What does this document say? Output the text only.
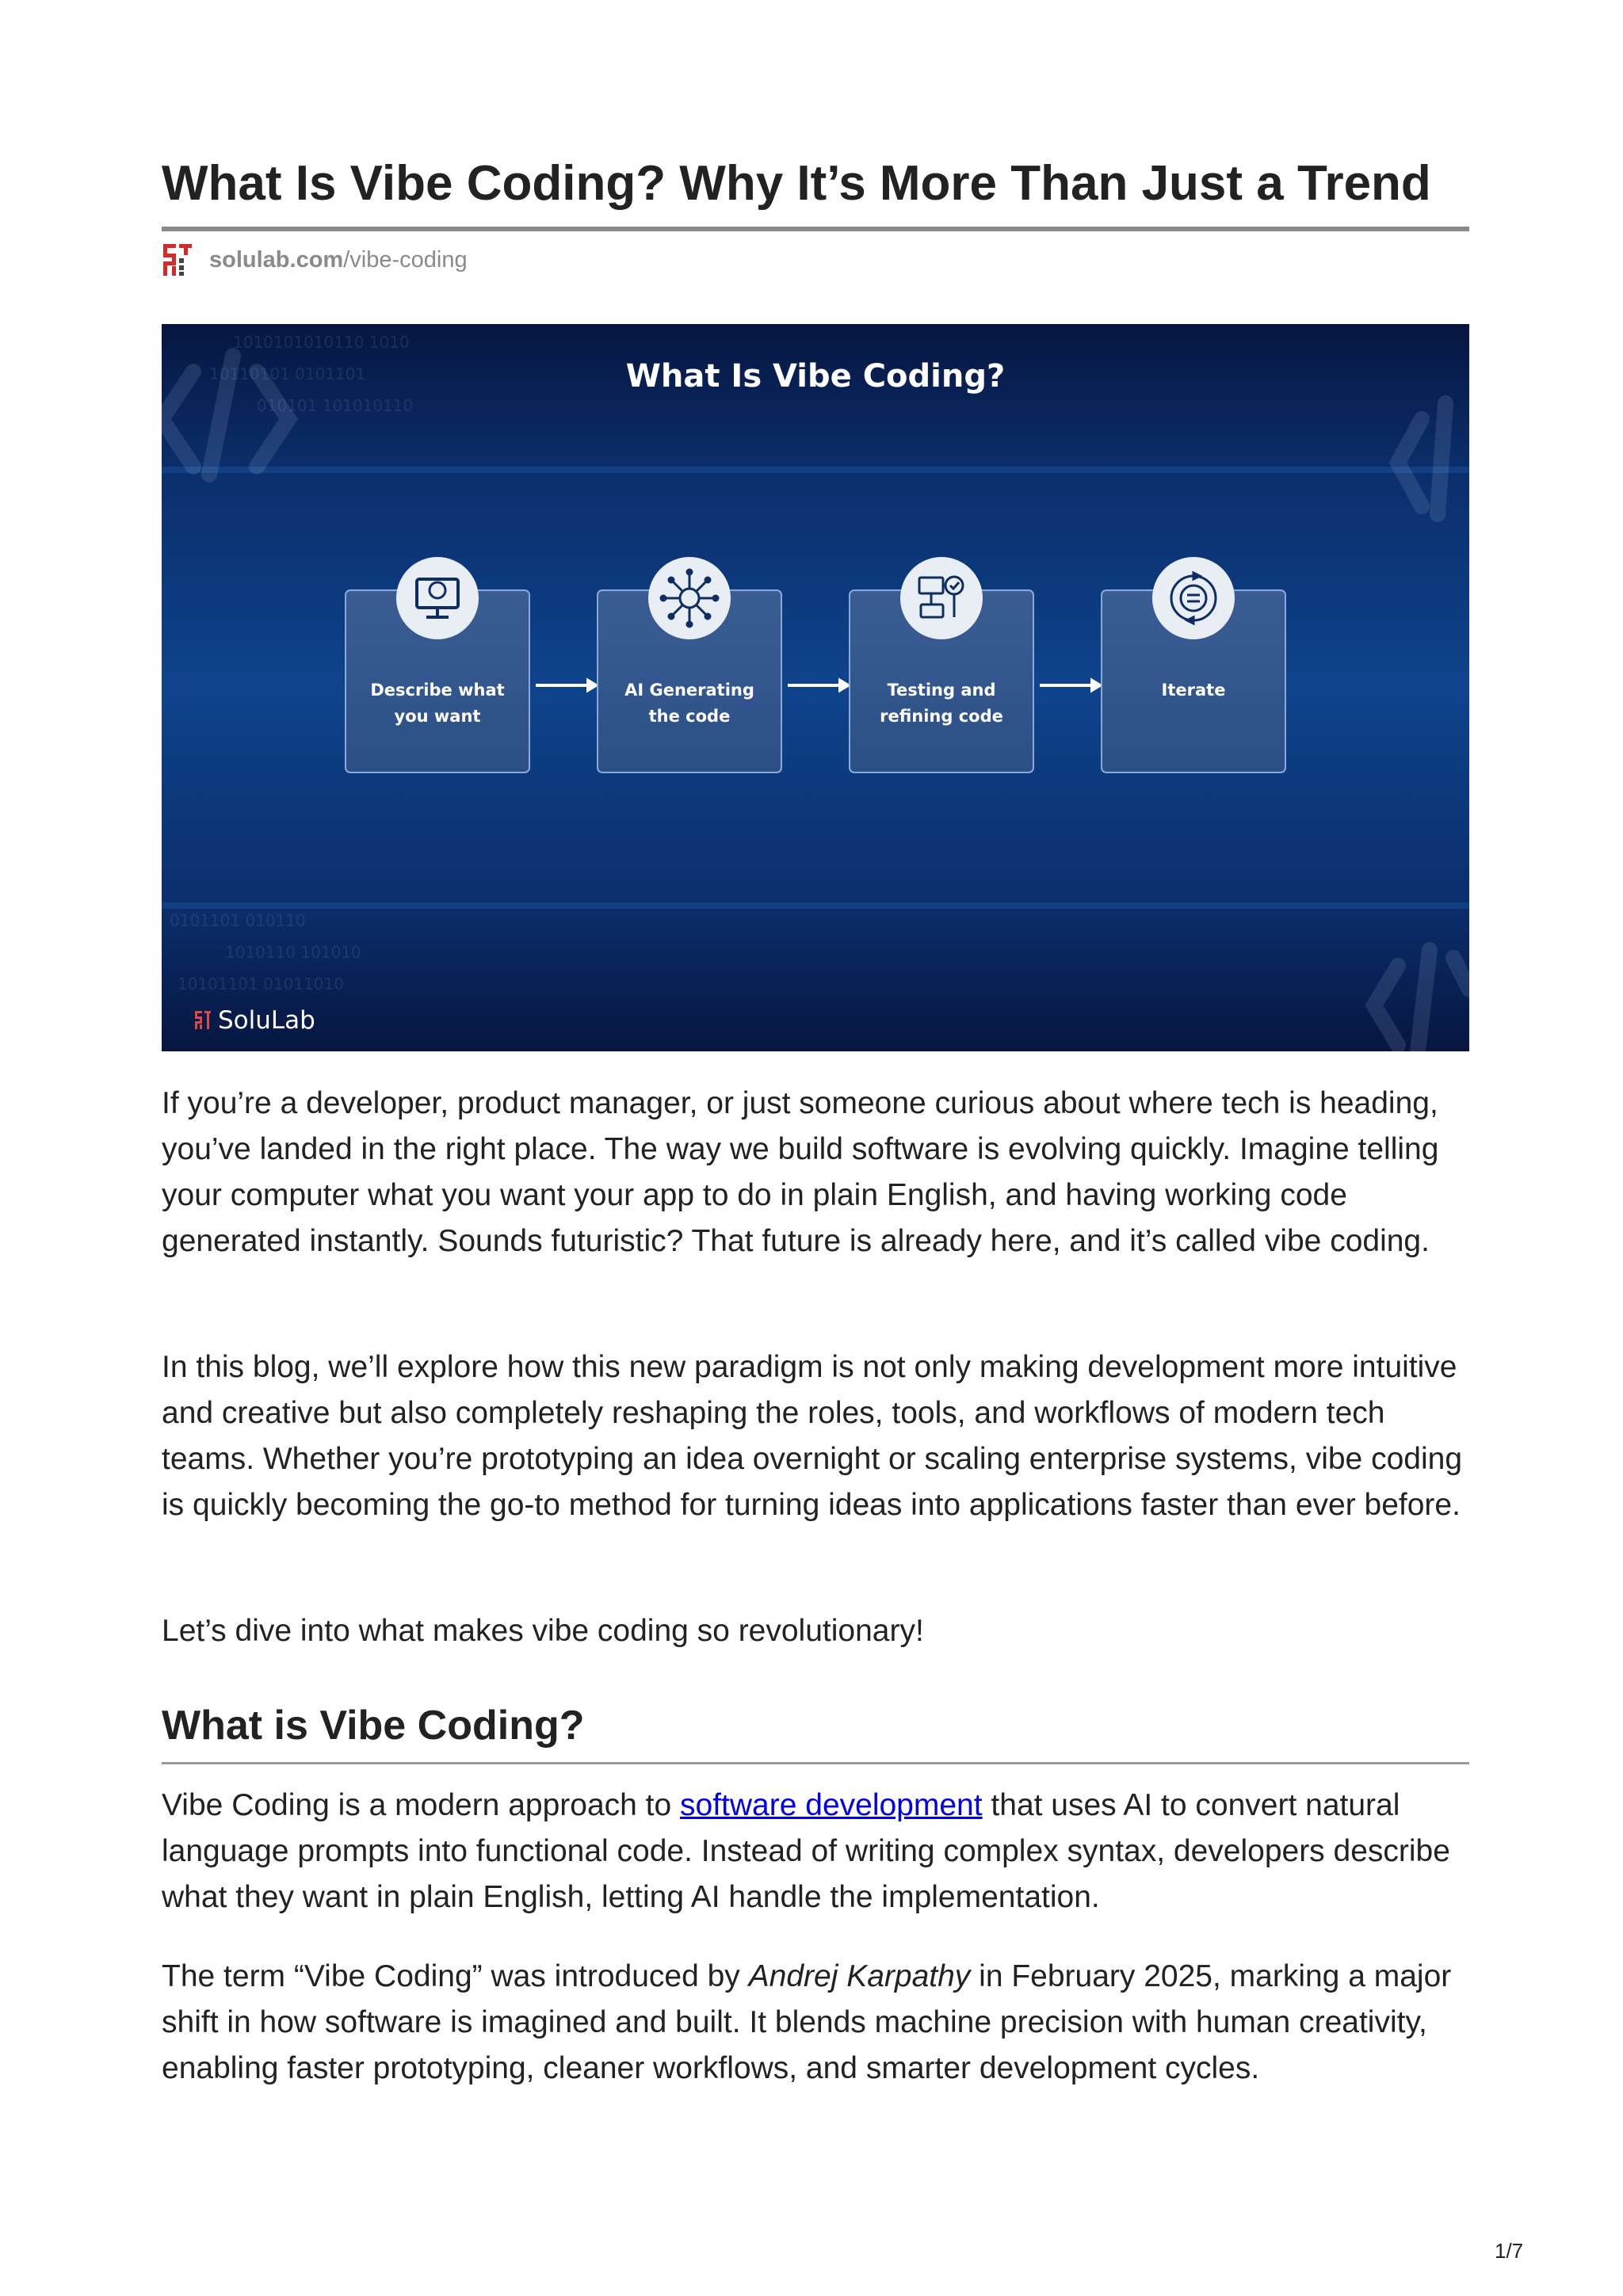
What Is Vibe Coding? Why It’s More Than Just a Trend
solulab.com /vibe-coding
1010101010110 1010
10110101 0101101
010101 101010110
0101101 010110
1010110 101010
10101101 01011010
What Is Vibe Coding?
Describe what
you want
AI Generating
the code
Testing and
refining code
Iterate
SoluLab

If you’re a developer, product manager, or just someone curious about where tech is heading, you’ve landed in the right place. The way we build software is evolving quickly. Imagine telling your computer what you want your app to do in plain English, and having working code generated instantly. Sounds futuristic? That future is already here, and it’s called vibe coding.

In this blog, we’ll explore how this new paradigm is not only making development more intuitive and creative but also completely reshaping the roles, tools, and workflows of modern tech teams. Whether you’re prototyping an idea overnight or scaling enterprise systems, vibe coding is quickly becoming the go-to method for turning ideas into applications faster than ever before.

Let’s dive into what makes vibe coding so revolutionary!

What is Vibe Coding?

Vibe Coding is a modern approach to software development that uses AI to convert natural language prompts into functional code. Instead of writing complex syntax, developers describe what they want in plain English, letting AI handle the implementation.

The term “Vibe Coding” was introduced by Andrej Karpathy in February 2025, marking a major shift in how software is imagined and built. It blends machine precision with human creativity, enabling faster prototyping, cleaner workflows, and smarter development cycles.

1/7
